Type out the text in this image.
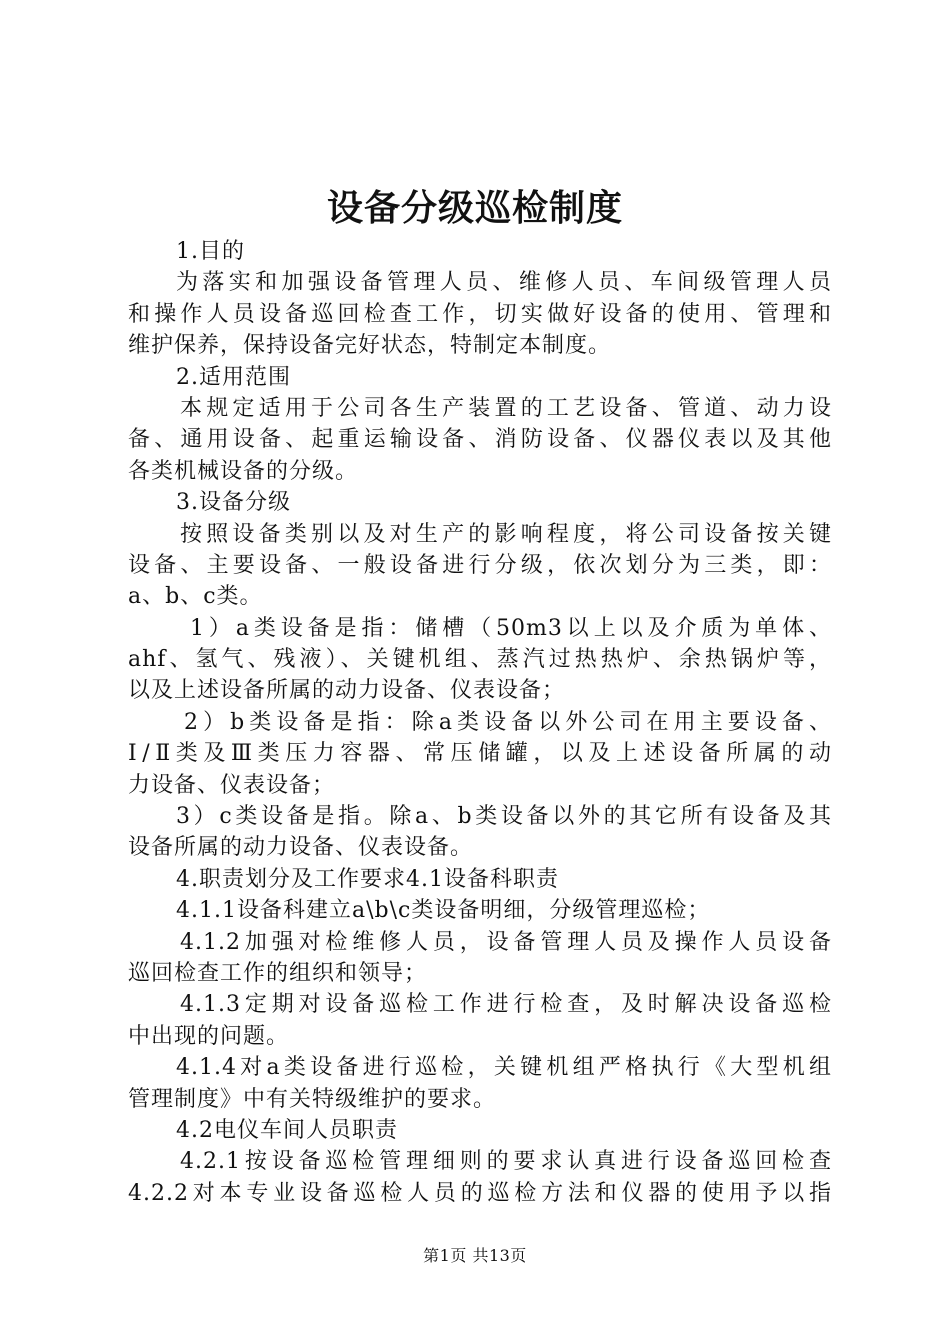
设备分级巡检制度
1.目的
为落实和加强设备管理人员、维修人员、车间级管理人员
和操作人员设备巡回检查工作，切实做好设备的使用、管理和
维护保养，保持设备完好状态，特制定本制度。
2.适用范围
本规定适用于公司各生产装置的工艺设备、管道、动力设
备、通用设备、起重运输设备、消防设备、仪器仪表以及其他
各类机械设备的分级。
3.设备分级
按照设备类别以及对生产的影响程度，将公司设备按关键
设备、主要设备、一般设备进行分级，依次划分为三类，即：
a、b、c类。
1）a类设备是指：储槽（50m3以上以及介质为单体、
ahf、氢气、残液）、关键机组、蒸汽过热热炉、余热锅炉等，
以及上述设备所属的动力设备、仪表设备；
2）b类设备是指：除a类设备以外公司在用主要设备、
Ⅰ/Ⅱ类及Ⅲ类压力容器、常压储罐，以及上述设备所属的动
力设备、仪表设备；
3）c类设备是指。除a、b类设备以外的其它所有设备及其
设备所属的动力设备、仪表设备。
4.职责划分及工作要求4.1设备科职责
4.1.1设备科建立a\b\c类设备明细，分级管理巡检；
4.1.2加强对检维修人员，设备管理人员及操作人员设备
巡回检查工作的组织和领导；
4.1.3定期对设备巡检工作进行检查，及时解决设备巡检
中出现的问题。
4.1.4对a类设备进行巡检，关键机组严格执行《大型机组
管理制度》中有关特级维护的要求。
4.2电仪车间人员职责
4.2.1按设备巡检管理细则的要求认真进行设备巡回检查
4.2.2对本专业设备巡检人员的巡检方法和仪器的使用予以指
第1页 共13页
